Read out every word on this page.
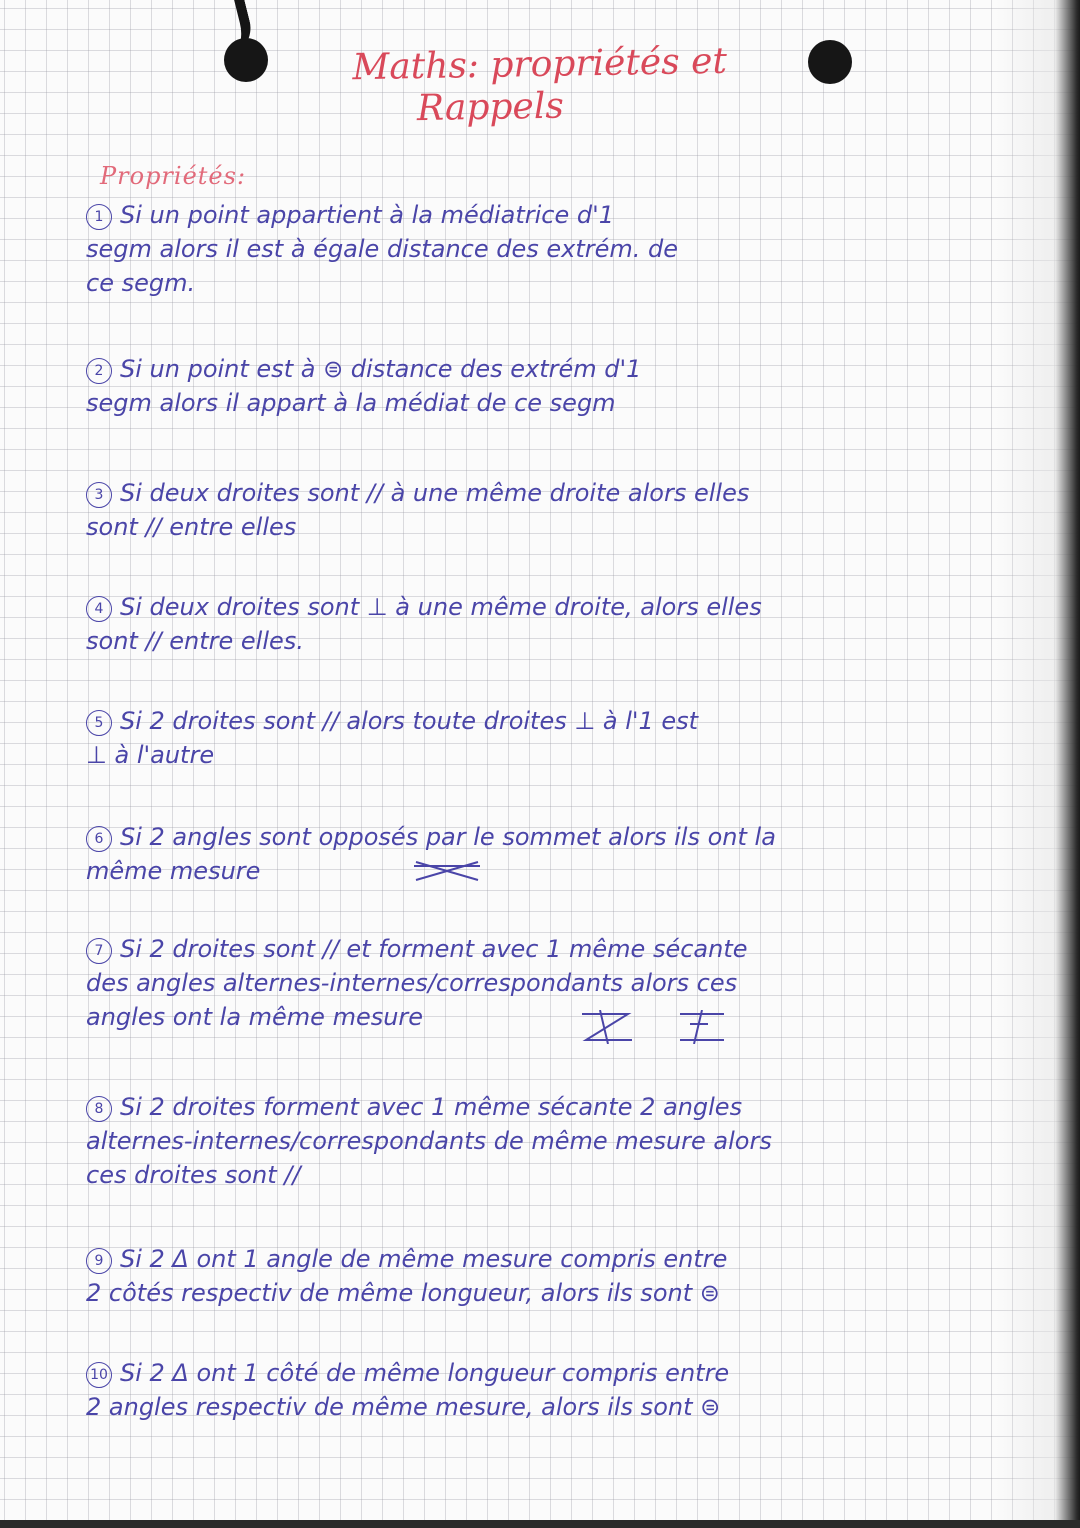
Maths: propriétés et
Rappels
Propriétés:
1 Si un point appartient à la médiatrice d'1
segm alors il est à égale distance des extrém. de
ce segm.
2 Si un point est à ⊜ distance des extrém d'1
segm alors il appart à la médiat de ce segm
3 Si deux droites sont // à une même droite alors elles
sont // entre elles
4 Si deux droites sont ⊥ à une même droite, alors elles
sont // entre elles.
5 Si 2 droites sont // alors toute droites ⊥ à l'1 est
⊥ à l'autre
6 Si 2 angles sont opposés par le sommet alors ils ont la
même mesure
7 Si 2 droites sont // et forment avec 1 même sécante
des angles alternes-internes/correspondants alors ces
angles ont la même mesure
8 Si 2 droites forment avec 1 même sécante 2 angles
alternes-internes/correspondants de même mesure alors
ces droites sont //
9 Si 2 Δ ont 1 angle de même mesure compris entre
2 côtés respectiv de même longueur, alors ils sont ⊜
10 Si 2 Δ ont 1 côté de même longueur compris entre
2 angles respectiv de même mesure, alors ils sont ⊜
